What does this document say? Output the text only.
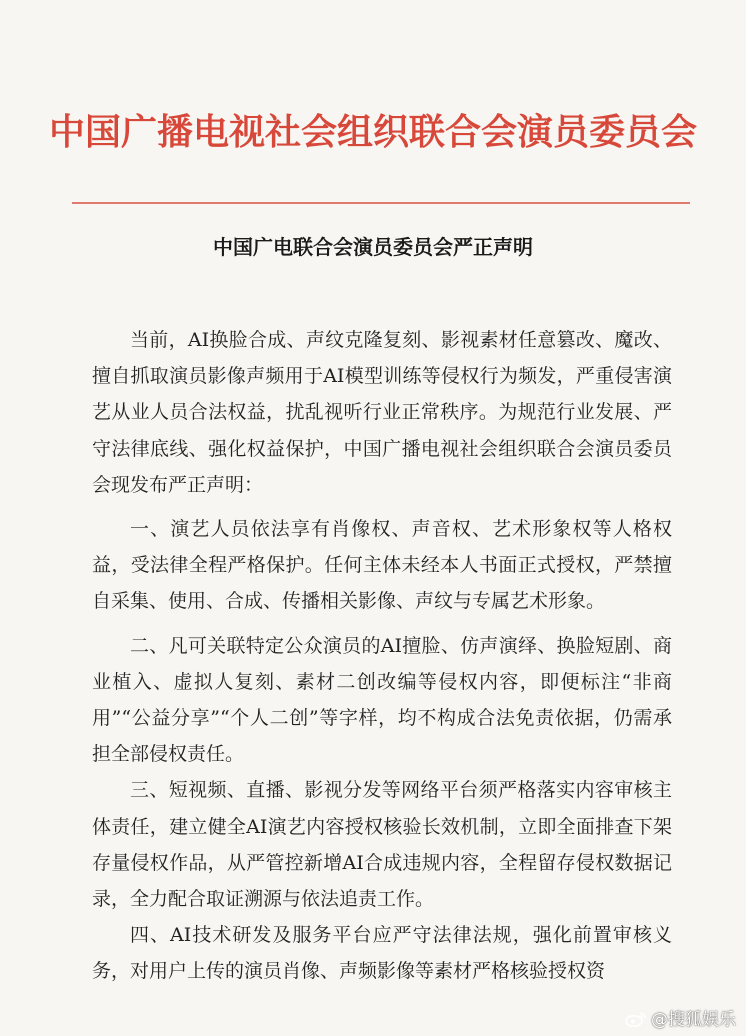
中国广播电视社会组织联合会演员委员会
中国广电联合会演员委员会严正声明

当前，AI换脸合成、声纹克隆复刻、影视素材任意篡改、魔改、擅自抓取演员影像声频用于AI模型训练等侵权行为频发，严重侵害演艺从业人员合法权益，扰乱视听行业正常秩序。为规范行业发展、严守法律底线、强化权益保护，中国广播电视社会组织联合会演员委员会现发布严正声明：

一、演艺人员依法享有肖像权、声音权、艺术形象权等人格权益，受法律全程严格保护。任何主体未经本人书面正式授权，严禁擅自采集、使用、合成、传播相关影像、声纹与专属艺术形象。

二、凡可关联特定公众演员的AI擅脸、仿声演绎、换脸短剧、商业植入、虚拟人复刻、素材二创改编等侵权内容，即便标注“非商用”“公益分享”“个人二创”等字样，均不构成合法免责依据，仍需承担全部侵权责任。

三、短视频、直播、影视分发等网络平台须严格落实内容审核主体责任，建立健全AI演艺内容授权核验长效机制，立即全面排查下架存量侵权作品，从严管控新增AI合成违规内容，全程留存侵权数据记录，全力配合取证溯源与依法追责工作。

四、AI技术研发及服务平台应严守法律法规，强化前置审核义务，对用户上传的演员肖像、声频影像等素材严格核验授权资

@搜狐娱乐
